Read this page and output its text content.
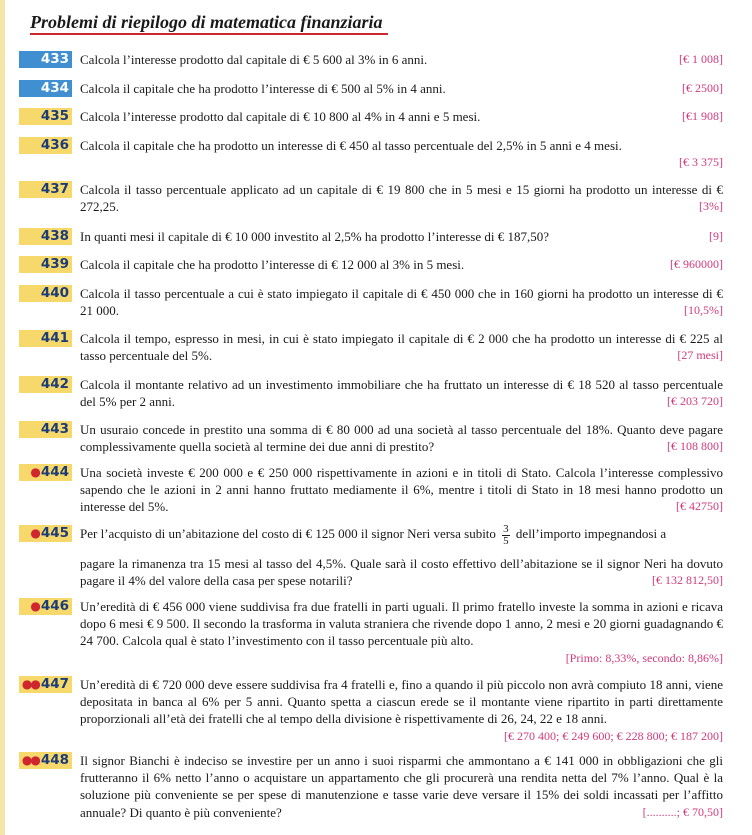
Problemi di riepilogo di matematica finanziaria
433 Calcola l’interesse prodotto dal capitale di € 5 600 al 3% in 6 anni.	[€ 1 008]
434 Calcola il capitale che ha prodotto l’interesse di € 500 al 5% in 4 anni.	[€ 2500]
435 Calcola l’interesse prodotto dal capitale di € 10 800 al 4% in 4 anni e 5 mesi.	[€1 908]
436 Calcola il capitale che ha prodotto un interesse di € 450 al tasso percentuale del 2,5% in 5 anni e 4 mesi.
[€ 3 375]
437 Calcola il tasso percentuale applicato ad un capitale di € 19 800 che in 5 mesi e 15 giorni ha prodotto un interesse di € 272,25.	[3%]
438 In quanti mesi il capitale di € 10 000 investito al 2,5% ha prodotto l’interesse di € 187,50?	[9]
439 Calcola il capitale che ha prodotto l’interesse di € 12 000 al 3% in 5 mesi.	[€ 960000]
440 Calcola il tasso percentuale a cui è stato impiegato il capitale di € 450 000 che in 160 giorni ha prodotto un interesse di € 21 000.	[10,5%]
441 Calcola il tempo, espresso in mesi, in cui è stato impiegato il capitale di € 2 000 che ha prodotto un interesse di € 225 al tasso percentuale del 5%.	[27 mesi]
442 Calcola il montante relativo ad un investimento immobiliare che ha fruttato un interesse di € 18 520 al tasso percentuale del 5% per 2 anni.	[€ 203 720]
443 Un usuraio concede in prestito una somma di € 80 000 ad una società al tasso percentuale del 18%. Quanto deve pagare complessivamente quella società al termine dei due anni di prestito?	[€ 108 800]
● 444 Una società investe € 200 000 e € 250 000 rispettivamente in azioni e in titoli di Stato. Calcola l’interesse complessivo sapendo che le azioni in 2 anni hanno fruttato mediamente il 6%, mentre i titoli di Stato in 18 mesi hanno prodotto un interesse del 5%.	[€ 42750]
● 445 Per l’acquisto di un’abitazione del costo di € 125 000 il signor Neri versa subito $\frac{3}{5}$ dell’importo impegnandosi a
pagare la rimanenza tra 15 mesi al tasso del 4,5%. Quale sarà il costo effettivo dell’abitazione se il signor Neri ha dovuto pagare il 4% del valore della casa per spese notarili?	[€ 132 812,50]
● 446 Un’eredità di € 456 000 viene suddivisa fra due fratelli in parti uguali. Il primo fratello investe la somma in azioni e ricava dopo 6 mesi € 9 500. Il secondo la trasforma in valuta straniera che rivende dopo 1 anno, 2 mesi e 20 giorni guadagnando € 24 700. Calcola qual è stato l’investimento con il tasso percentuale più alto.
[Primo: 8,33%, secondo: 8,86%]
●● 447 Un’eredità di € 720 000 deve essere suddivisa fra 4 fratelli e, fino a quando il più piccolo non avrà compiuto 18 anni, viene depositata in banca al 6% per 5 anni. Quanto spetta a ciascun erede se il montante viene ripartito in parti direttamente proporzionali all’età dei fratelli che al tempo della divisione è rispettivamente di 26, 24, 22 e 18 anni.
[€ 270 400; € 249 600; € 228 800; € 187 200]
●● 448 Il signor Bianchi è indeciso se investire per un anno i suoi risparmi che ammontano a € 141 000 in obbligazioni che gli frutteranno il 6% netto l’anno o acquistare un appartamento che gli procurerà una rendita netta del 7% l’anno. Qual è la soluzione più conveniente se per spese di manutenzione e tasse varie deve versare il 15% dei soldi incassati per l’affitto annuale? Di quanto è più conveniente?	[..........; € 70,50]
